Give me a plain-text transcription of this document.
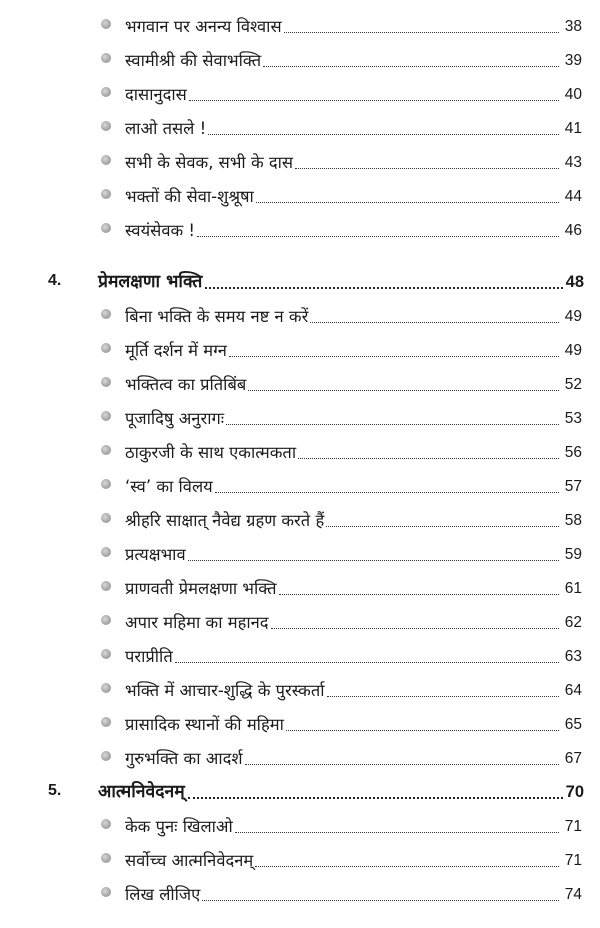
भगवान पर अनन्य विश्वास	38
स्वामीश्री की सेवाभक्ति	39
दासानुदास	40
लाओ तसले !	41
सभी के सेवक, सभी के दास	43
भक्तों की सेवा-शुश्रूषा	44
स्वयंसेवक !	46
4. प्रेमलक्षणा भक्ति	48
बिना भक्ति के समय नष्ट न करें	49
मूर्ति दर्शन में मग्न	49
भक्तित्व का प्रतिबिंब	52
पूजादिषु अनुरागः	53
ठाकुरजी के साथ एकात्मकता	56
‘स्व’ का विलय	57
श्रीहरि साक्षात् नैवेद्य ग्रहण करते हैं	58
प्रत्यक्षभाव	59
प्राणवती प्रेमलक्षणा भक्ति	61
अपार महिमा का महानद	62
पराप्रीति	63
भक्ति में आचार-शुद्धि के पुरस्कर्ता	64
प्रासादिक स्थानों की महिमा	65
गुरुभक्ति का आदर्श	67
5. आत्मनिवेदनम्	70
केक पुनः खिलाओ	71
सर्वोच्च आत्मनिवेदनम्	71
लिख लीजिए	74
